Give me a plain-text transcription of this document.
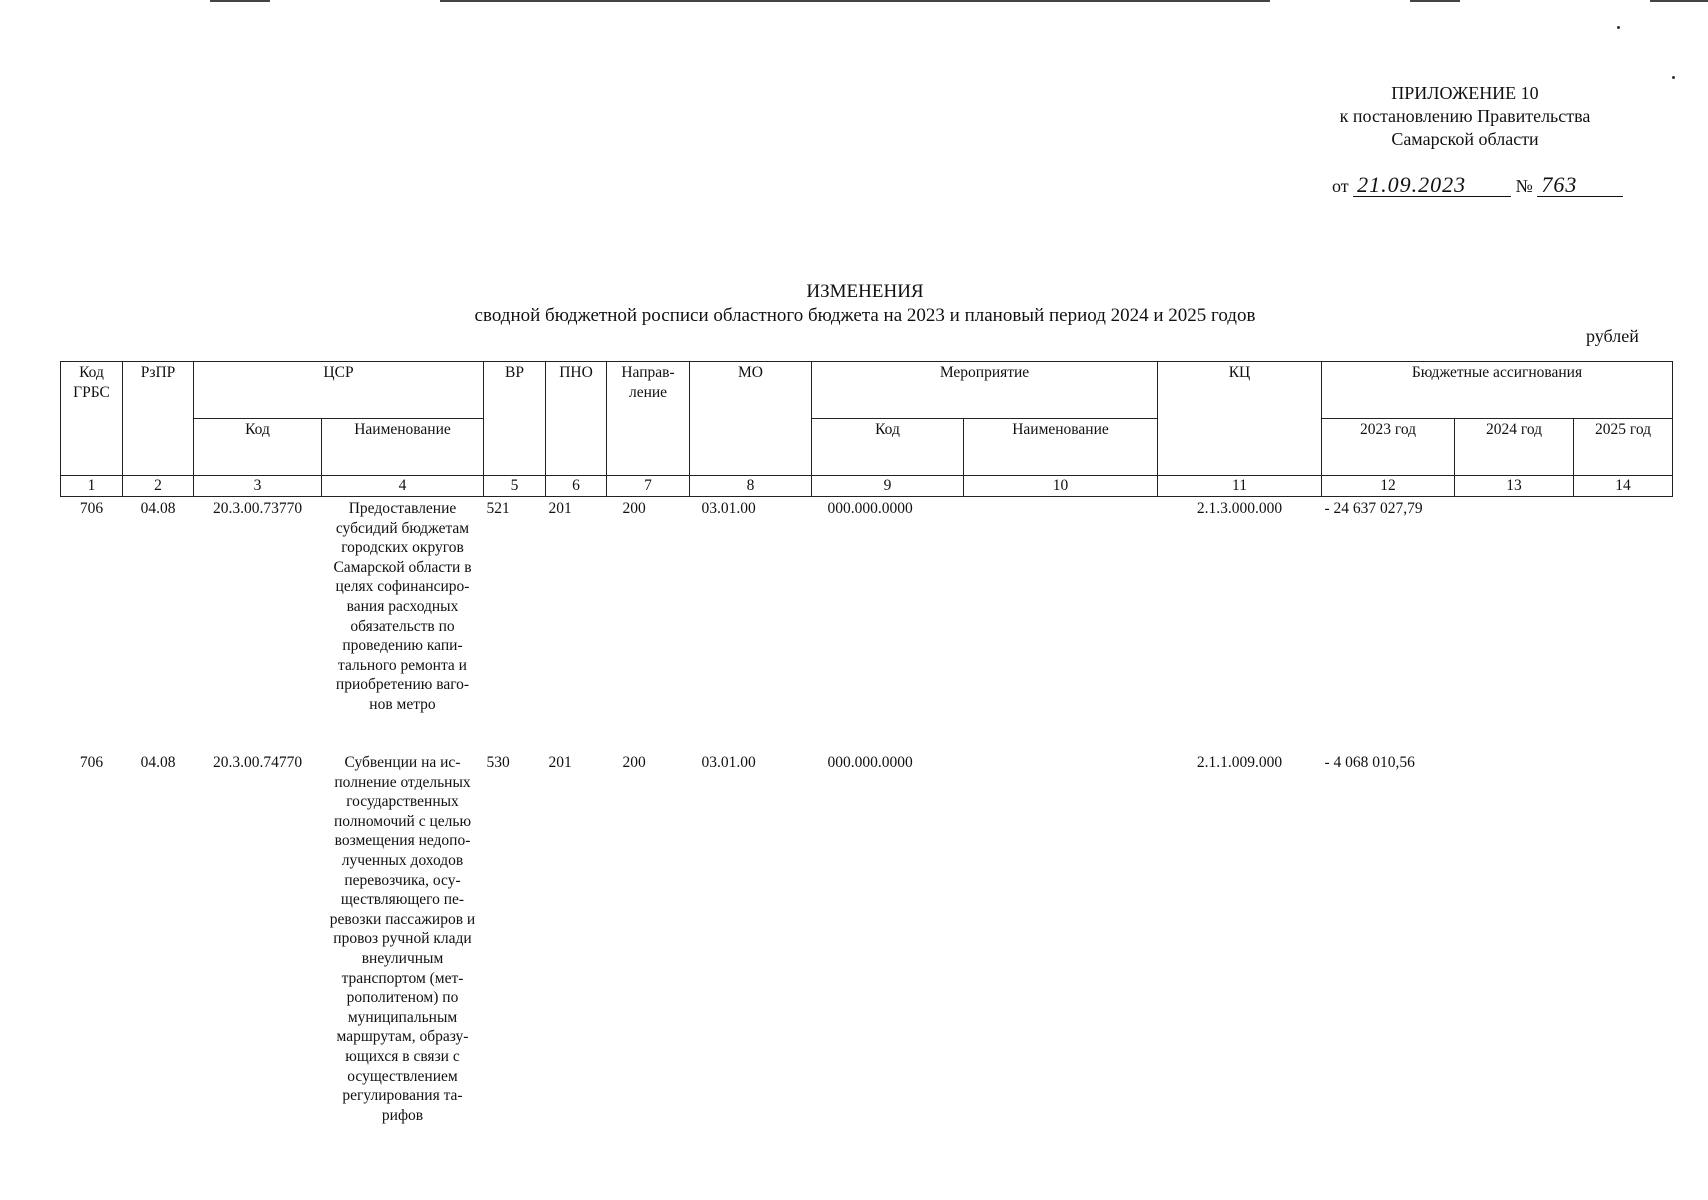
ПРИЛОЖЕНИЕ 10
к постановлению Правительства
Самарской области
от 21.09.2023	№ 763
ИЗМЕНЕНИЯ
сводной бюджетной росписи областного бюджета на 2023 и плановый период 2024 и 2025 годов
рублей
Код ГРБС	РзПР	ЦСР		ВР	ПНО	Направ-ление	МО	Мероприятие		КЦ	Бюджетные ассигнования		
		Код	Наименование					Код	Наименование		2023 год	2024 год	2025 год
1	2	3	4	5	6	7	8	9	10	11	12	13	14
706	04.08	20.3.00.73770	Предоставление субсидий бюджетам городских округов Самарской области в целях софинансиро-вания расходных обязательств по проведению капи-тального ремонта и приобретению ваго-нов метро	521	201	200	03.01.00	000.000.0000		2.1.3.000.000	- 24 637 027,79		
706	04.08	20.3.00.74770	Субвенции на ис-полнение отдельных государственных полномочий с целью возмещения недопо-лученных доходов перевозчика, осу-ществляющего пе-ревозки пассажиров и провоз ручной клади внеуличным транспортом (мет-рополитеном) по муниципальным маршрутам, образу-ющихся в связи с осуществлением регулирования та-рифов	530	201	200	03.01.00	000.000.0000		2.1.1.009.000	- 4 068 010,56		
